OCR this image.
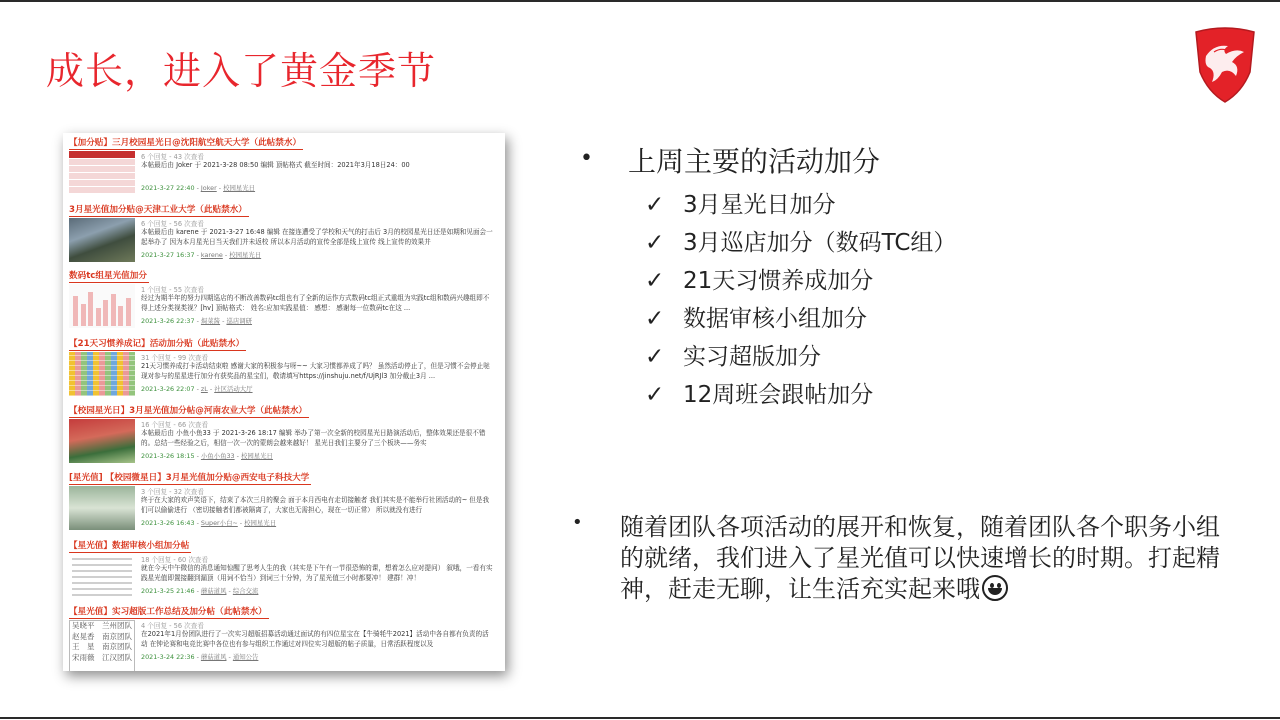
成长，进入了黄金季节
【加分贴】三月校园星光日@沈阳航空航天大学（此帖禁水）
6 个回复 - 43 次查看
本帖最后由 Joker 于 2021-3-28 08:50 编辑 顶帖格式 截至时间：2021年3月18日24：00
2021-3-27 22:40 - Joker - 校园星光日
3月星光值加分贴@天津工业大学（此贴禁水）
6 个回复 - 56 次查看
本帖最后由 karene 于 2021-3-27 16:48 编辑 在接连遭受了学校和天气的打击后 3月的校园星光日还是如期和见面会一起举办了 因为本月星光日当天我们并未返校 所以本月活动的宣传全部是线上宣传 线上宣传的效果并
2021-3-27 16:37 - karene - 校园星光日
数码tc组星光值加分
1 个回复 - 55 次查看
经过为期半年的努力四期巡店的不断改善数码tc组也有了全新的运作方式数码tc组正式重组为实践tc组和数码兴趣组即不得上述分类视类视？[hv] 顶帖格式： 姓名:应加实践星值： 感想： 感谢每一位数码tc在这 ...
2021-3-26 22:37 - 焗菜酱 - 巡店调研
【21天习惯养成记】活动加分贴（此贴禁水）
31 个回复 - 99 次查看
21天习惯养成打卡活动结束啦 感谢大家的积极参与呀~~ 大家习惯都养成了吗？ 虽然活动停止了，但是习惯不会停止哒 现对参与的星星进行加分有获奖品的星宝们，敬请填写https://jinshuju.net/f/UjRJl3 加分截止3月 ...
2021-3-26 22:07 - zL - 社区活动大厅
【校园星光日】3月星光值加分帖@河南农业大学（此帖禁水）
16 个回复 - 66 次查看
本帖最后由 小鱼小鱼33 于 2021-3-26 18:17 编辑 举办了第一次全新的校园星光日路演活动后，整体效果还是很不错的。总结一些经验之后，相信一次一次的蒙朗会越来越好！ 星光日我们主要分了三个板块——务实
2021-3-26 18:15 - 小鱼小鱼33 - 校园星光日
[星光值] 【校园微星日】3月星光值加分贴@西安电子科技大学
3 个回复 - 32 次查看
终于在大家的欢声笑语下，结束了本次三月的聚会 面于本月西电有走切接触者 我们其实是不能举行社团活动的~ 但是我们可以偷偷进行 （密切接触者们都被隔离了，大家也无需担心，现在一切正常） 所以就没有进行
2021-3-26 16:43 - Super小白~ - 校园星光日
【星光值】数据审核小组加分帖
18 个回复 - 60 次查看
就在今天中午微信的消息通知惊醒了思考人生的我（其实是下午有一节很恐怖的课，想着怎么应对提问） 叙哦，一看有实践星光值即置接翻到漏顶（用词不恰当）到词三十分钟，为了星光值三小时都要冲！ 建群！冲！
2021-3-25 21:46 - 蘑菇道风 - 综合交流
【星光值】实习超版工作总结及加分帖（此帖禁水）
吴晓平　兰州团队
赵晃香　南京团队
王　星　南京团队
宋雨薇　江汉团队
4 个回复 - 56 次查看
在2021年1月份团队进行了一次实习超版招募活动通过面试的有四位星宝在【牛骑牦牛2021】活动中各自都有负责的活动 在钟论赛和电竞比赛中各位也有参与组织工作通过对四位实习超版的帖子质量，日常活跃程度以及
2021-3-24 22:36 - 蘑菇道风 - 通知公告
• 上周主要的活动加分
✓ 3月星光日加分
✓ 3月巡店加分（数码TC组）
✓ 21天习惯养成加分
✓ 数据审核小组加分
✓ 实习超版加分
✓ 12周班会跟帖加分
• 随着团队各项活动的展开和恢复，随着团队各个职务小组的就绪，我们进入了星光值可以快速增长的时期。打起精神，赶走无聊，让生活充实起来哦
